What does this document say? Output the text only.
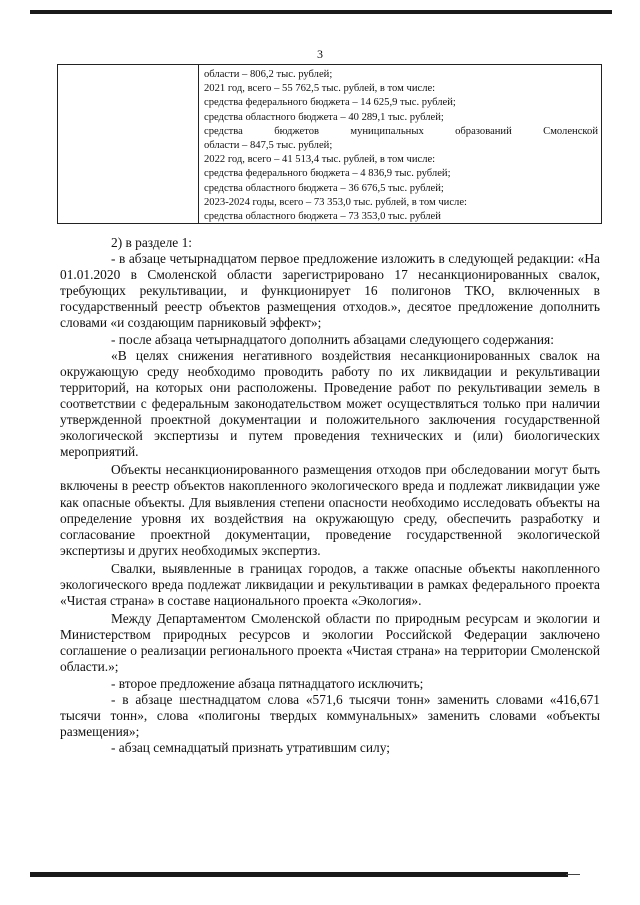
3
области – 806,2 тыс. рублей;
2021 год, всего – 55 762,5 тыс. рублей, в том числе:
средства федерального бюджета – 14 625,9 тыс. рублей;
средства областного бюджета – 40 289,1 тыс. рублей;
средства бюджетов муниципальных образований Смоленской
области – 847,5 тыс. рублей;
2022 год, всего – 41 513,4 тыс. рублей, в том числе:
средства федерального бюджета – 4 836,9 тыс. рублей;
средства областного бюджета – 36 676,5 тыс. рублей;
2023-2024 годы, всего – 73 353,0 тыс. рублей, в том числе:
средства областного бюджета – 73 353,0 тыс. рублей

2) в разделе 1:

- в абзаце четырнадцатом первое предложение изложить в следующей редакции: «На 01.01.2020 в Смоленской области зарегистрировано 17 несанкционированных свалок, требующих рекультивации, и функционирует 16 полигонов ТКО, включенных в государственный реестр объектов размещения отходов.», десятое предложение дополнить словами «и создающим парниковый эффект»;

- после абзаца четырнадцатого дополнить абзацами следующего содержания:

«В целях снижения негативного воздействия несанкционированных свалок на окружающую среду необходимо проводить работу по их ликвидации и рекультивации территорий, на которых они расположены. Проведение работ по рекультивации земель в соответствии с федеральным законодательством может осуществляться только при наличии утвержденной проектной документации и положительного заключения государственной экологической экспертизы и путем проведения технических и (или) биологических мероприятий.

Объекты несанкционированного размещения отходов при обследовании могут быть включены в реестр объектов накопленного экологического вреда и подлежат ликвидации уже как опасные объекты. Для выявления степени опасности необходимо исследовать объекты на определение уровня их воздействия на окружающую среду, обеспечить разработку и согласование проектной документации, проведение государственной экологической экспертизы и других необходимых экспертиз.

Свалки, выявленные в границах городов, а также опасные объекты накопленного экологического вреда подлежат ликвидации и рекультивации в рамках федерального проекта «Чистая страна» в составе национального проекта «Экология».

Между Департаментом Смоленской области по природным ресурсам и экологии и Министерством природных ресурсов и экологии Российской Федерации заключено соглашение о реализации регионального проекта «Чистая страна» на территории Смоленской области.»;

- второе предложение абзаца пятнадцатого исключить;

- в абзаце шестнадцатом слова «571,6 тысячи тонн» заменить словами «416,671 тысячи тонн», слова «полигоны твердых коммунальных» заменить словами «объекты размещения»;

- абзац семнадцатый признать утратившим силу;
